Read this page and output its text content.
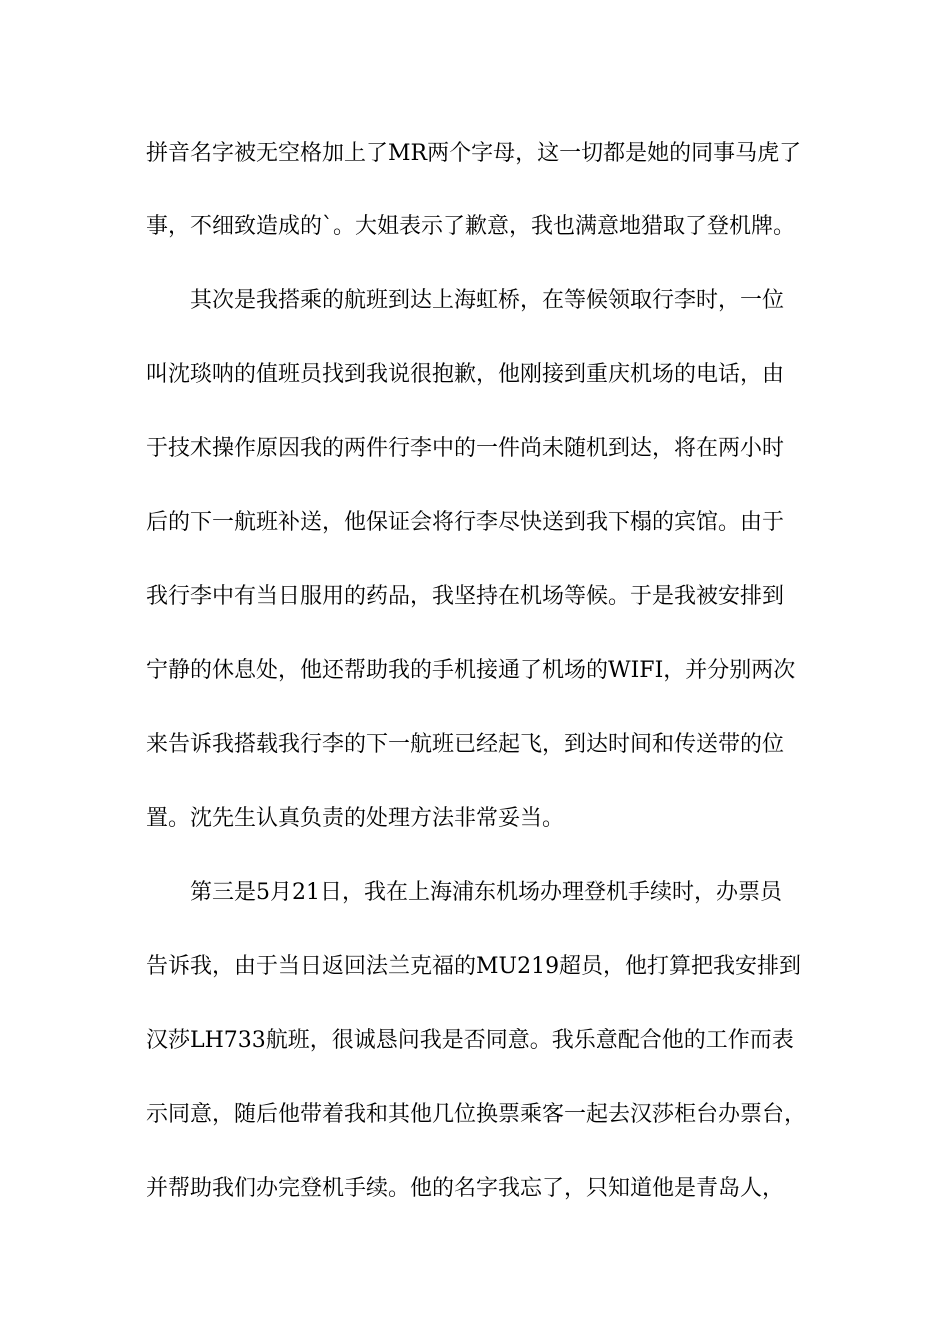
拼音名字被无空格加上了MR两个字母，这一切都是她的同事马虎了
事，不细致造成的`。大姐表示了歉意，我也满意地猎取了登机牌。
其次是我搭乘的航班到达上海虹桥，在等候领取行李时，一位
叫沈琰呐的值班员找到我说很抱歉，他刚接到重庆机场的电话，由
于技术操作原因我的两件行李中的一件尚未随机到达，将在两小时
后的下一航班补送，他保证会将行李尽快送到我下榻的宾馆。由于
我行李中有当日服用的药品，我坚持在机场等候。于是我被安排到
宁静的休息处，他还帮助我的手机接通了机场的WIFI，并分别两次
来告诉我搭载我行李的下一航班已经起飞，到达时间和传送带的位
置。沈先生认真负责的处理方法非常妥当。
第三是5月21日，我在上海浦东机场办理登机手续时，办票员
告诉我，由于当日返回法兰克福的MU219超员，他打算把我安排到
汉莎LH733航班，很诚恳问我是否同意。我乐意配合他的工作而表
示同意，随后他带着我和其他几位换票乘客一起去汉莎柜台办票台，
并帮助我们办完登机手续。他的名字我忘了，只知道他是青岛人，
